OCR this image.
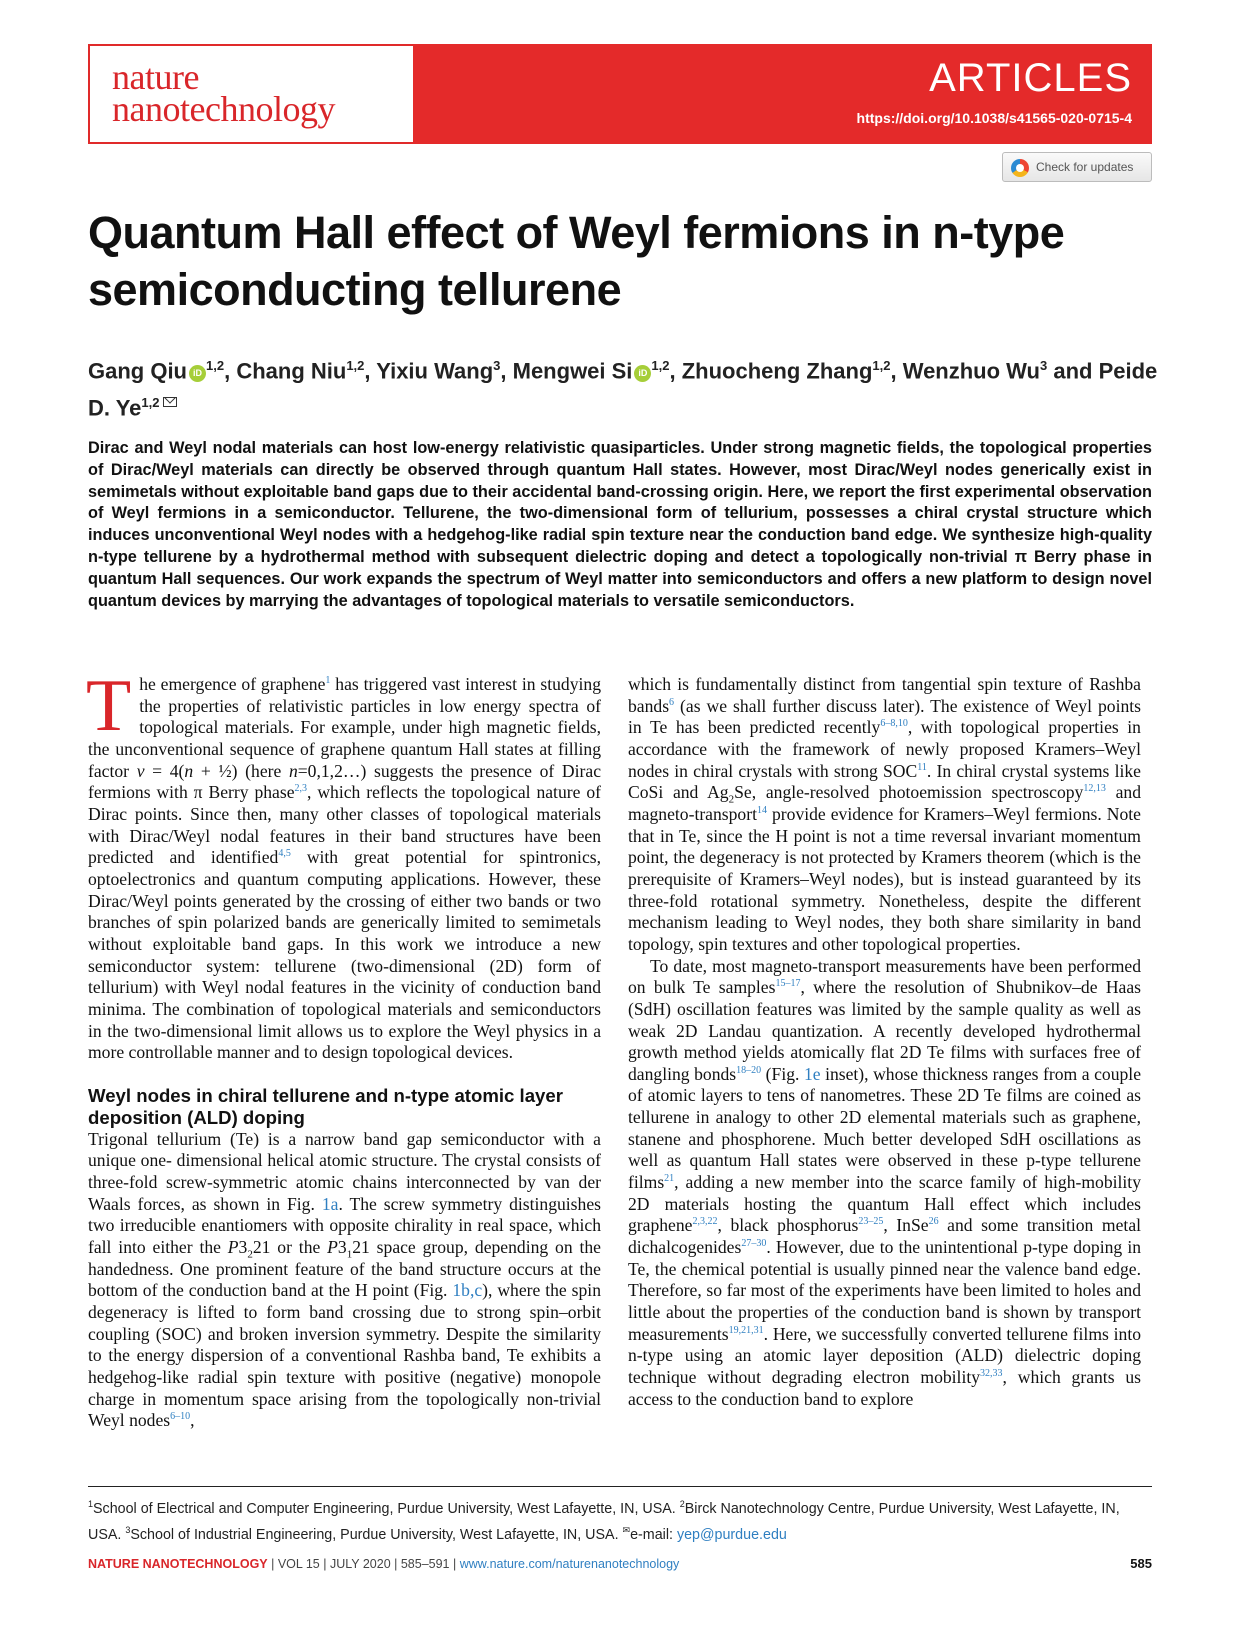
nature
nanotechnology
ARTICLES
https://doi.org/10.1038/s41565-020-0715-4
Check for updates
Quantum Hall effect of Weyl fermions in n-type semiconducting tellurene
Gang Qiu iD$^{1,2}$, Chang Niu$^{1,2}$, Yixiu Wang$^3$, Mengwei Si iD$^{1,2}$, Zhuocheng Zhang$^{1,2}$, Wenzhuo Wu$^3$ and Peide D. Ye$^{1,2}$
Dirac and Weyl nodal materials can host low-energy relativistic quasiparticles. Under strong magnetic fields, the topological properties of Dirac/Weyl materials can directly be observed through quantum Hall states. However, most Dirac/Weyl nodes generically exist in semimetals without exploitable band gaps due to their accidental band-crossing origin. Here, we report the first experimental observation of Weyl fermions in a semiconductor. Tellurene, the two-dimensional form of tellurium, possesses a chiral crystal structure which induces unconventional Weyl nodes with a hedgehog-like radial spin texture near the conduction band edge. We synthesize high-quality n-type tellurene by a hydrothermal method with subsequent dielectric doping and detect a topologically non-trivial π Berry phase in quantum Hall sequences. Our work expands the spectrum of Weyl matter into semiconductors and offers a new platform to design novel quantum devices by marrying the advantages of topological materials to versatile semiconductors.

The emergence of graphene$^1$ has triggered vast interest in studying the properties of relativistic particles in low energy spectra of topological materials. For example, under high magnetic fields, the unconventional sequence of graphene quantum Hall states at filling factor ν = 4(n + ½) (here n=0,1,2…) suggests the presence of Dirac fermions with π Berry phase$^{2,3}$, which reflects the topological nature of Dirac points. Since then, many other classes of topological materials with Dirac/Weyl nodal features in their band structures have been predicted and identified$^{4,5}$ with great potential for spintronics, optoelectronics and quantum computing applications. However, these Dirac/Weyl points generated by the crossing of either two bands or two branches of spin polarized bands are generically limited to semimetals without exploitable band gaps. In this work we introduce a new semiconductor system: tellurene (two-dimensional (2D) form of tellurium) with Weyl nodal features in the vicinity of conduction band minima. The combination of topological materials and semiconductors in the two-dimensional limit allows us to explore the Weyl physics in a more controllable manner and to design topological devices.

Weyl nodes in chiral tellurene and n-type atomic layer deposition (ALD) doping

Trigonal tellurium (Te) is a narrow band gap semiconductor with a unique one- dimensional helical atomic structure. The crystal consists of three-fold screw-symmetric atomic chains interconnected by van der Waals forces, as shown in Fig. 1a. The screw symmetry distinguishes two irreducible enantiomers with opposite chirality in real space, which fall into either the $P3_221$ or the $P3_121$ space group, depending on the handedness. One prominent feature of the band structure occurs at the bottom of the conduction band at the H point (Fig. 1b,c), where the spin degeneracy is lifted to form band crossing due to strong spin–orbit coupling (SOC) and broken inversion symmetry. Despite the similarity to the energy dispersion of a conventional Rashba band, Te exhibits a hedgehog-like radial spin texture with positive (negative) monopole charge in momentum space arising from the topologically non-trivial Weyl nodes$^{6-10}$,

which is fundamentally distinct from tangential spin texture of Rashba bands$^6$ (as we shall further discuss later). The existence of Weyl points in Te has been predicted recently$^{6-8,10}$, with topological properties in accordance with the framework of newly proposed Kramers–Weyl nodes in chiral crystals with strong SOC$^{11}$. In chiral crystal systems like CoSi and $Ag_2Se$, angle-resolved photoemission spectroscopy$^{12,13}$ and magneto-transport$^{14}$ provide evidence for Kramers–Weyl fermions. Note that in Te, since the H point is not a time reversal invariant momentum point, the degeneracy is not protected by Kramers theorem (which is the prerequisite of Kramers–Weyl nodes), but is instead guaranteed by its three-fold rotational symmetry. Nonetheless, despite the different mechanism leading to Weyl nodes, they both share similarity in band topology, spin textures and other topological properties.

To date, most magneto-transport measurements have been performed on bulk Te samples$^{15-17}$, where the resolution of Shubnikov–de Haas (SdH) oscillation features was limited by the sample quality as well as weak 2D Landau quantization. A recently developed hydrothermal growth method yields atomically flat 2D Te films with surfaces free of dangling bonds$^{18-20}$ (Fig. 1e inset), whose thickness ranges from a couple of atomic layers to tens of nanometres. These 2D Te films are coined as tellurene in analogy to other 2D elemental materials such as graphene, stanene and phosphorene. Much better developed SdH oscillations as well as quantum Hall states were observed in these p-type tellurene films$^{21}$, adding a new member into the scarce family of high-mobility 2D materials hosting the quantum Hall effect which includes graphene$^{2,3,22}$, black phosphorus$^{23-25}$, InSe$^{26}$ and some transition metal dichalcogenides$^{27-30}$. However, due to the unintentional p-type doping in Te, the chemical potential is usually pinned near the valence band edge. Therefore, so far most of the experiments have been limited to holes and little about the properties of the conduction band is shown by transport measurements$^{19,21,31}$. Here, we successfully converted tellurene films into n-type using an atomic layer deposition (ALD) dielectric doping technique without degrading electron mobility$^{32,33}$, which grants us access to the conduction band to explore

$^1$School of Electrical and Computer Engineering, Purdue University, West Lafayette, IN, USA. $^2$Birck Nanotechnology Centre, Purdue University, West Lafayette, IN, USA. $^3$School of Industrial Engineering, Purdue University, West Lafayette, IN, USA. ✉e-mail: yep@purdue.edu
NATURE NANOTECHNOLOGY | VOL 15 | JULY 2020 | 585–591 | www.nature.com/naturenanotechnology	585
